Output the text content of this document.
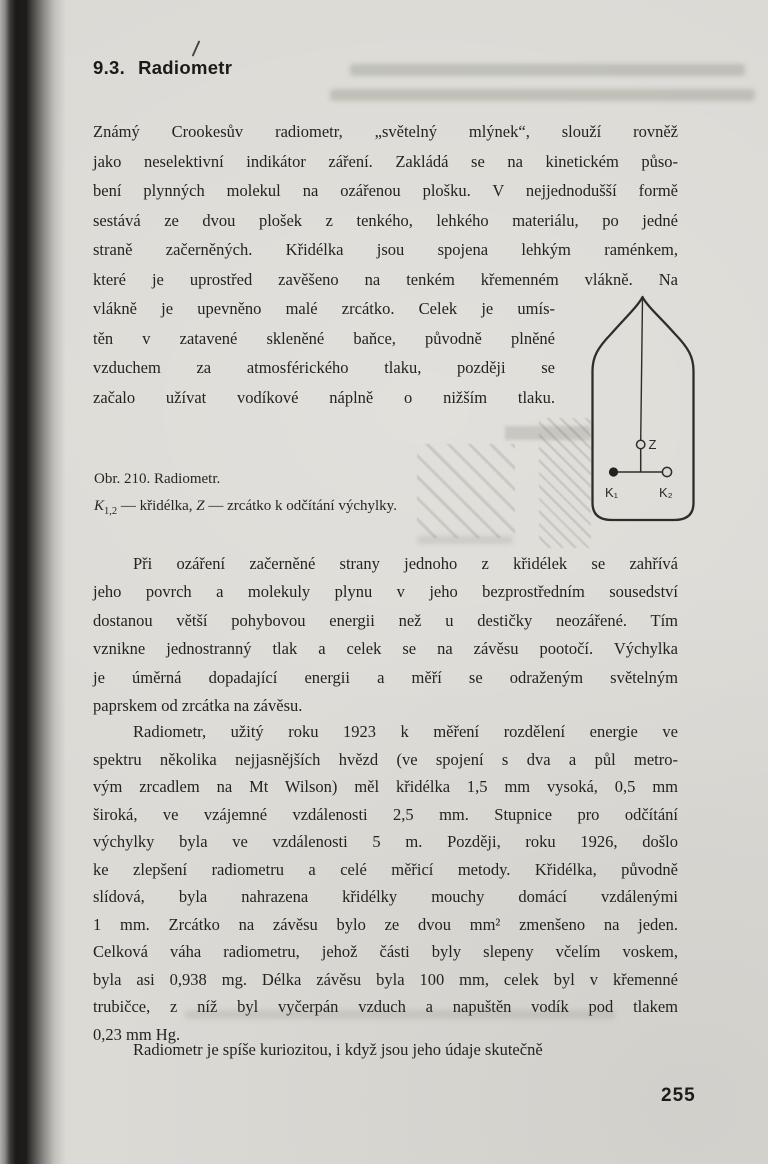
9.3. Radiometr
Známý Crookesův radiometr, „světelný mlýnek“, slouží rovněž
jako neselektivní indikátor záření. Zakládá se na kinetickém půso-
bení plynných molekul na ozářenou plošku. V nejjednodušší formě
sestává ze dvou plošek z tenkého, lehkého materiálu, po jedné
straně začerněných. Křidélka jsou spojena lehkým raménkem,
které je uprostřed zavěšeno na tenkém křemenném vlákně. Na
vlákně je upevněno malé zrcátko. Celek je umís-
těn v zatavené skleněné baňce, původně plněné
vzduchem za atmosférického tlaku, později se
začalo užívat vodíkové náplně o nižším tlaku.
Z
K₁	K₂
Obr. 210. Radiometr.
$K_{1,2}$ — křidélka, Z — zrcátko k odčítání výchylky.
Při ozáření začerněné strany jednoho z křidélek se zahřívá
jeho povrch a molekuly plynu v jeho bezprostředním sousedství
dostanou větší pohybovou energii než u destičky neozářené. Tím
vznikne jednostranný tlak a celek se na závěsu pootočí. Výchylka
je úměrná dopadající energii a měří se odraženým světelným
paprskem od zrcátka na závěsu.
Radiometr, užitý roku 1923 k měření rozdělení energie ve
spektru několika nejjasnějších hvězd (ve spojení s dva a půl metro-
vým zrcadlem na Mt Wilson) měl křidélka 1,5 mm vysoká, 0,5 mm
široká, ve vzájemné vzdálenosti 2,5 mm. Stupnice pro odčítání
výchylky byla ve vzdálenosti 5 m. Později, roku 1926, došlo
ke zlepšení radiometru a celé měřicí metody. Křidélka, původně
slídová, byla nahrazena křidélky mouchy domácí vzdálenými
1 mm. Zrcátko na závěsu bylo ze dvou mm² zmenšeno na jeden.
Celková váha radiometru, jehož části byly slepeny včelím voskem,
byla asi 0,938 mg. Délka závěsu byla 100 mm, celek byl v křemenné
trubičce, z níž byl vyčerpán vzduch a napuštěn vodík pod tlakem
0,23 mm Hg.
Radiometr je spíše kuriozitou, i když jsou jeho údaje skutečně
255
